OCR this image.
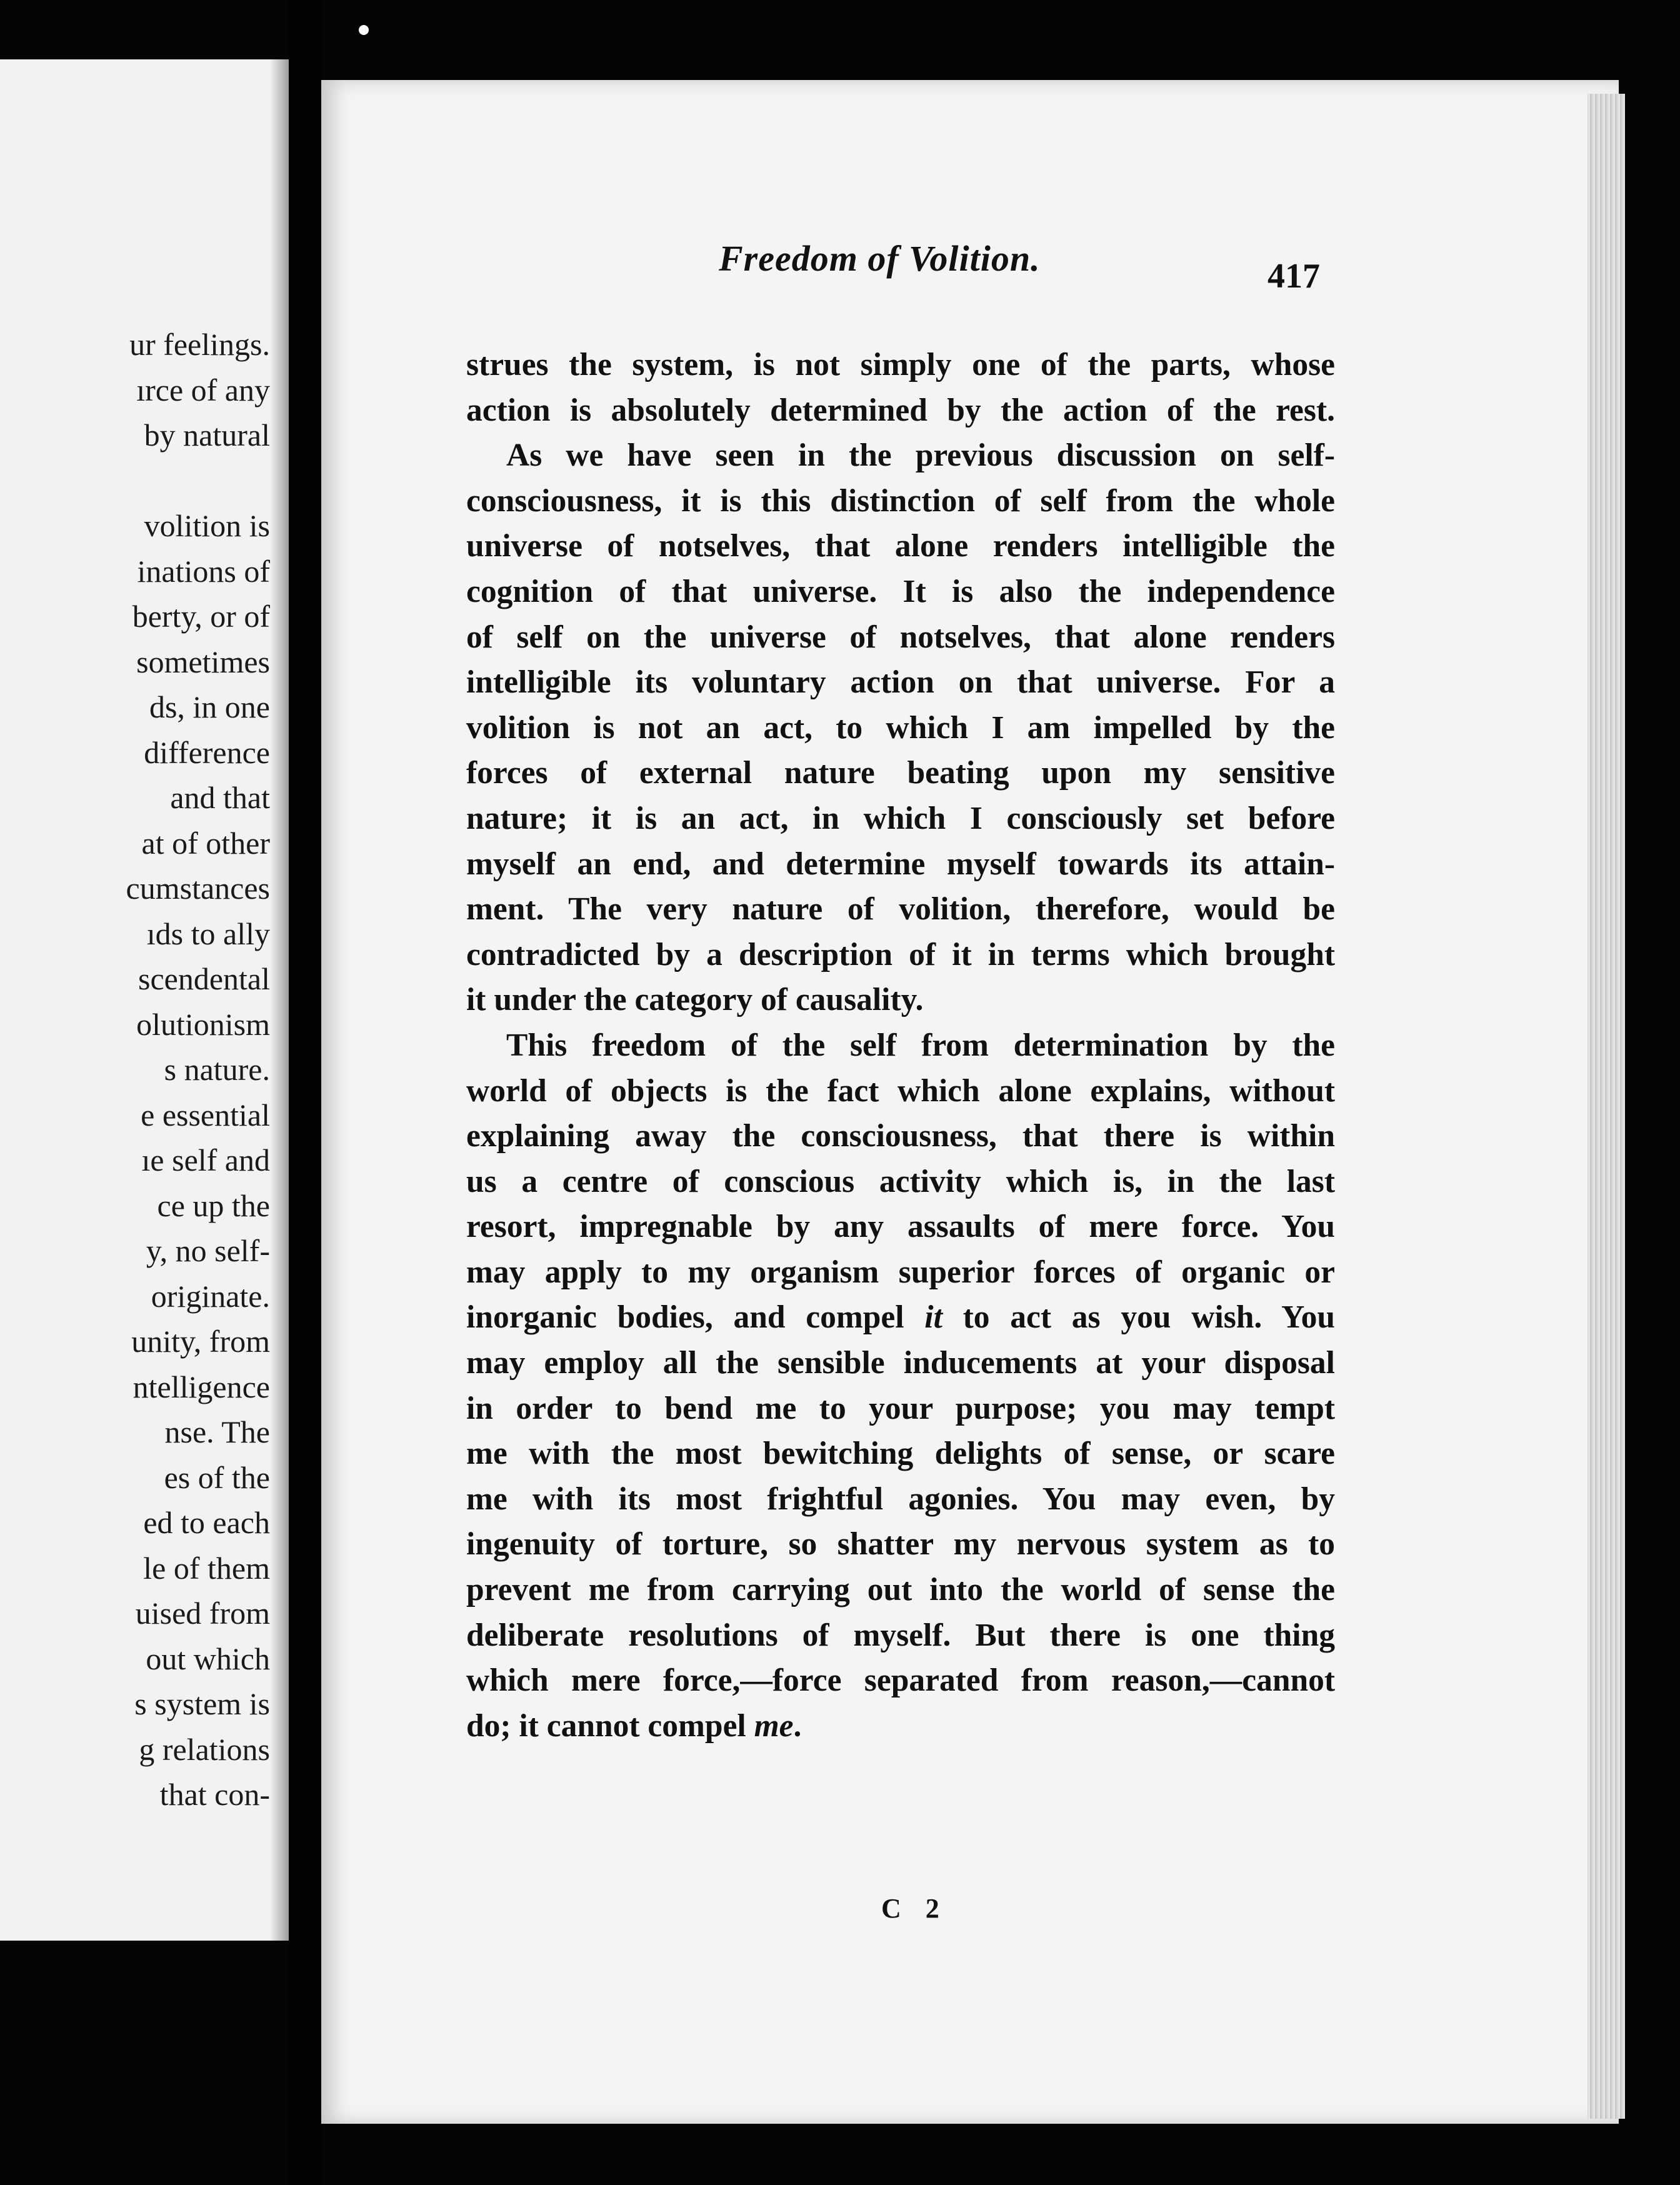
ur feelings.
ırce of any
by natural
volition is
inations of
berty, or of
sometimes
ds, in one
difference
and that
at of other
cumstances
ıds to ally
scendental
olutionism
s nature.
e essential
ıe self and
ce up the
y, no self-
originate.
unity, from
ntelligence
nse. The
es of the
ed to each
le of them
uised from
out which
s system is
g relations
that con-
Freedom of Volition.	417
strues the system, is not simply one of the parts, whose
action is absolutely determined by the action of the rest.
As we have seen in the previous discussion on self-
consciousness, it is this distinction of self from the whole
universe of notselves, that alone renders intelligible the
cognition of that universe. It is also the independence
of self on the universe of notselves, that alone renders
intelligible its voluntary action on that universe. For a
volition is not an act, to which I am impelled by the
forces of external nature beating upon my sensitive
nature; it is an act, in which I consciously set before
myself an end, and determine myself towards its attain-
ment. The very nature of volition, therefore, would be
contradicted by a description of it in terms which brought
it under the category of causality.
This freedom of the self from determination by the
world of objects is the fact which alone explains, without
explaining away the consciousness, that there is within
us a centre of conscious activity which is, in the last
resort, impregnable by any assaults of mere force. You
may apply to my organism superior forces of organic or
inorganic bodies, and compel it to act as you wish. You
may employ all the sensible inducements at your disposal
in order to bend me to your purpose; you may tempt
me with the most bewitching delights of sense, or scare
me with its most frightful agonies. You may even, by
ingenuity of torture, so shatter my nervous system as to
prevent me from carrying out into the world of sense the
deliberate resolutions of myself. But there is one thing
which mere force,—force separated from reason,—cannot
do; it cannot compel me.
C 2
